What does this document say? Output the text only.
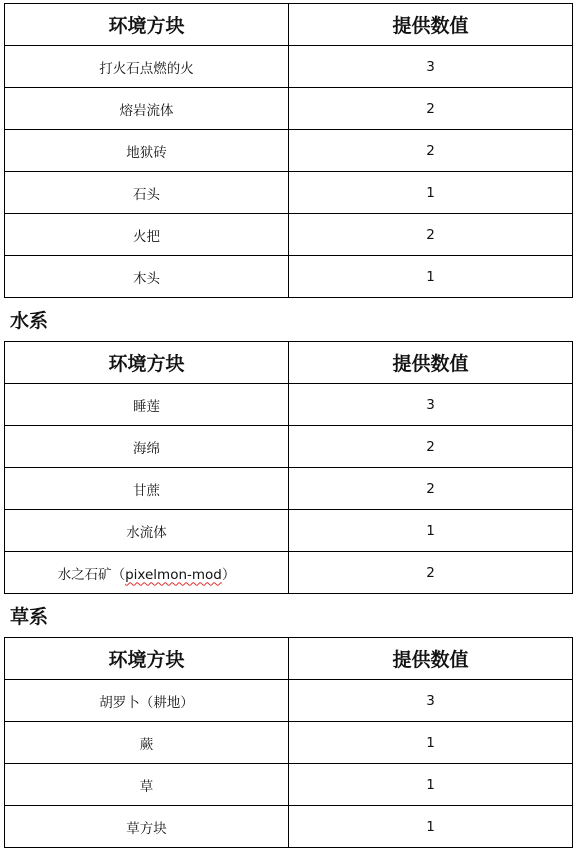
环境方块	提供数值
打火石点燃的火	3
熔岩流体	2
地狱砖	2
石头	1
火把	2
木头	1
水系
环境方块	提供数值
睡莲	3
海绵	2
甘蔗	2
水流体	1
水之石矿（pixelmon-mod）	2
草系
环境方块	提供数值
胡罗卜（耕地）	3
蕨	1
草	1
草方块	1
